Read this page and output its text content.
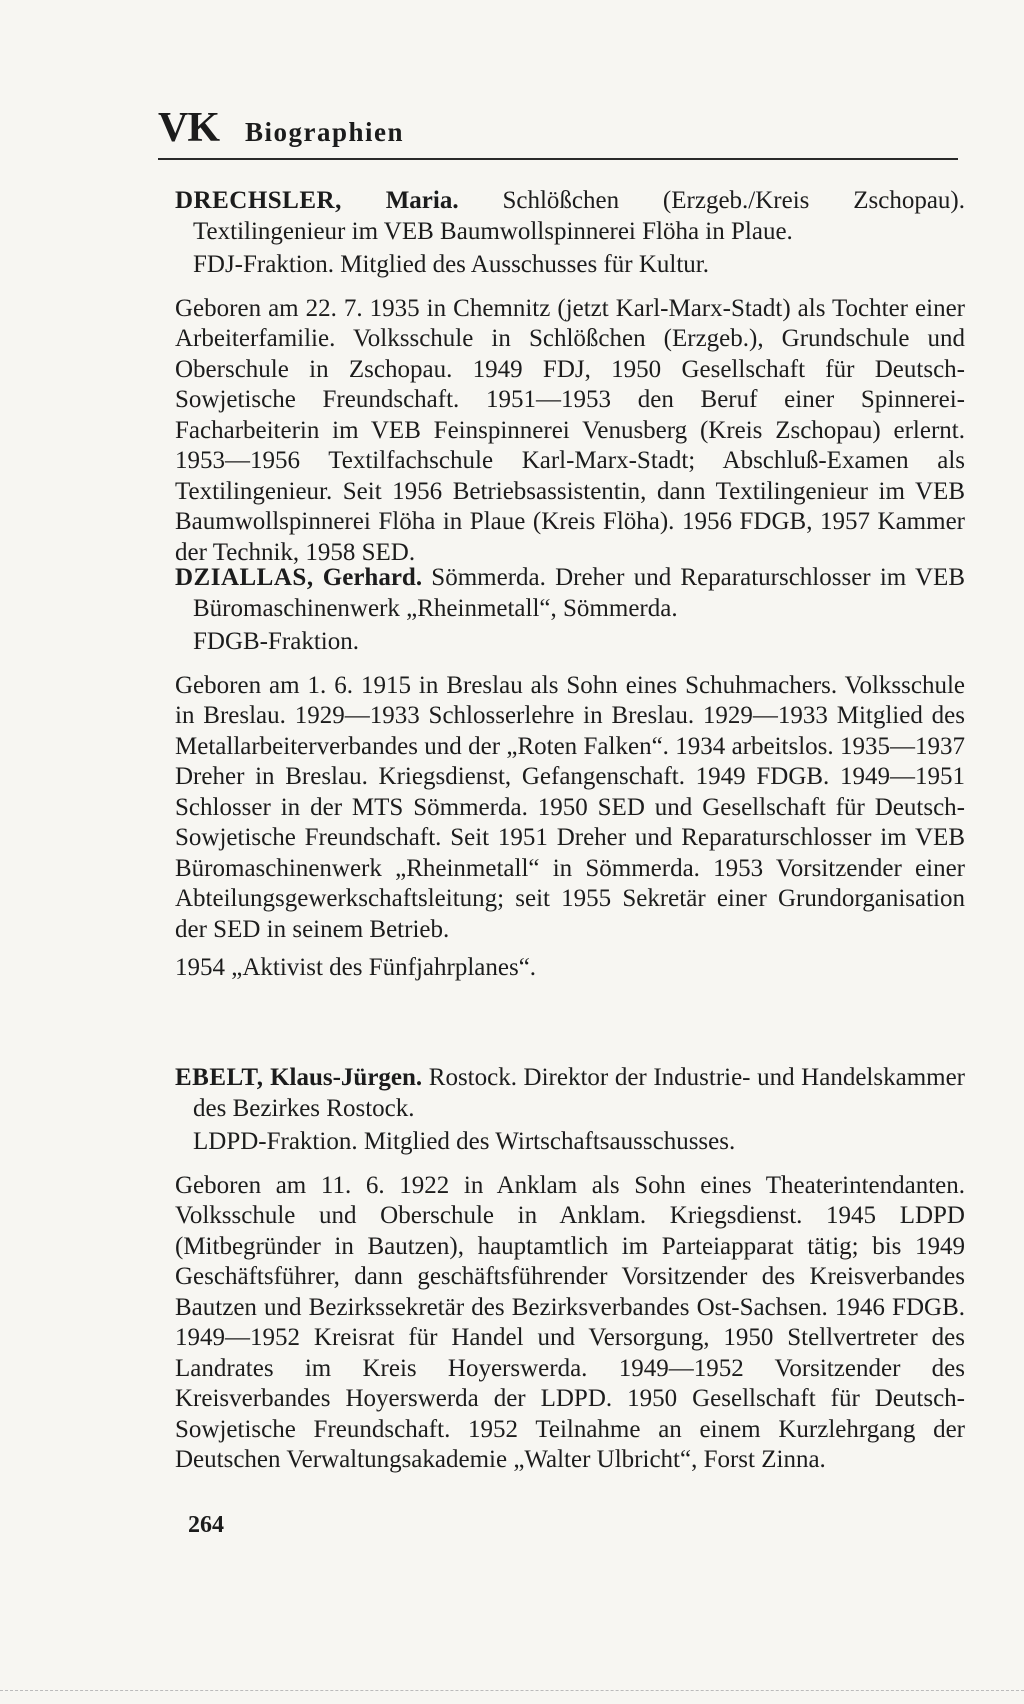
VK Biographien

DRECHSLER, Maria. Schlößchen (Erzgeb./Kreis Zschopau). Textilingenieur im VEB Baumwollspinnerei Flöha in Plaue.

FDJ-Fraktion. Mitglied des Ausschusses für Kultur.

Geboren am 22. 7. 1935 in Chemnitz (jetzt Karl-Marx-Stadt) als Tochter einer Arbeiterfamilie. Volksschule in Schlößchen (Erzgeb.), Grundschule und Oberschule in Zschopau. 1949 FDJ, 1950 Gesellschaft für Deutsch-Sowjetische Freundschaft. 1951—1953 den Beruf einer Spinnerei-Facharbeiterin im VEB Feinspinnerei Venusberg (Kreis Zschopau) erlernt. 1953—1956 Textilfachschule Karl-Marx-Stadt; Abschluß-Examen als Textilingenieur. Seit 1956 Betriebsassistentin, dann Textilingenieur im VEB Baumwollspinnerei Flöha in Plaue (Kreis Flöha). 1956 FDGB, 1957 Kammer der Technik, 1958 SED.

DZIALLAS, Gerhard. Sömmerda. Dreher und Reparaturschlosser im VEB Büromaschinenwerk „Rheinmetall“, Sömmerda.

FDGB-Fraktion.

Geboren am 1. 6. 1915 in Breslau als Sohn eines Schuhmachers. Volksschule in Breslau. 1929—1933 Schlosserlehre in Breslau. 1929—1933 Mitglied des Metallarbeiterverbandes und der „Roten Falken“. 1934 arbeitslos. 1935—1937 Dreher in Breslau. Kriegsdienst, Gefangenschaft. 1949 FDGB. 1949—1951 Schlosser in der MTS Sömmerda. 1950 SED und Gesellschaft für Deutsch-Sowjetische Freundschaft. Seit 1951 Dreher und Reparaturschlosser im VEB Büromaschinenwerk „Rheinmetall“ in Sömmerda. 1953 Vorsitzender einer Abteilungsgewerkschaftsleitung; seit 1955 Sekretär einer Grundorganisation der SED in seinem Betrieb.

1954 „Aktivist des Fünfjahrplanes“.

EBELT, Klaus-Jürgen. Rostock. Direktor der Industrie- und Handelskammer des Bezirkes Rostock.

LDPD-Fraktion. Mitglied des Wirtschaftsausschusses.

Geboren am 11. 6. 1922 in Anklam als Sohn eines Theaterintendanten. Volksschule und Oberschule in Anklam. Kriegsdienst. 1945 LDPD (Mitbegründer in Bautzen), hauptamtlich im Parteiapparat tätig; bis 1949 Geschäftsführer, dann geschäftsführender Vorsitzender des Kreisverbandes Bautzen und Bezirkssekretär des Bezirksverbandes Ost-Sachsen. 1946 FDGB. 1949—1952 Kreisrat für Handel und Versorgung, 1950 Stellvertreter des Landrates im Kreis Hoyerswerda. 1949—1952 Vorsitzender des Kreisverbandes Hoyerswerda der LDPD. 1950 Gesellschaft für Deutsch-Sowjetische Freundschaft. 1952 Teilnahme an einem Kurzlehrgang der Deutschen Verwaltungsakademie „Walter Ulbricht“, Forst Zinna.

264
